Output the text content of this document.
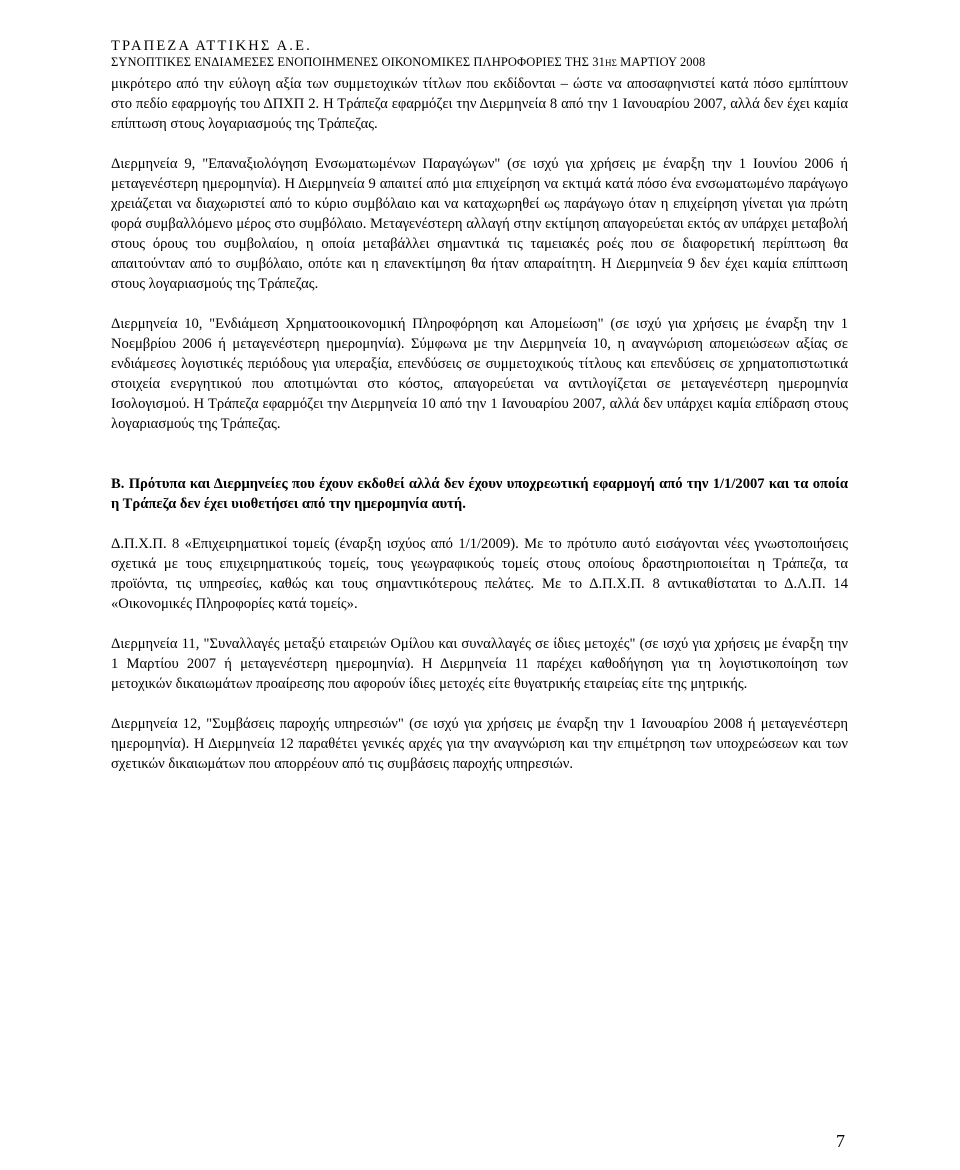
ΤΡΑΠΕΖΑ ΑΤΤΙΚΗΣ Α.Ε.
ΣΥΝΟΠΤΙΚΕΣ ΕΝΔΙΑΜΕΣΕΣ ΕΝΟΠΟΙΗΜΕΝΕΣ ΟΙΚΟΝΟΜΙΚΕΣ ΠΛΗΡΟΦΟΡΙΕΣ ΤΗΣ 31ΗΣ ΜΑΡΤΙΟΥ 2008

μικρότερο από την εύλογη αξία των συμμετοχικών τίτλων που εκδίδονται – ώστε να αποσαφηνιστεί κατά πόσο εμπίπτουν στο πεδίο εφαρμογής του ΔΠΧΠ 2. Η Τράπεζα εφαρμόζει την Διερμηνεία 8 από την 1 Ιανουαρίου 2007, αλλά δεν έχει καμία επίπτωση στους λογαριασμούς της Τράπεζας.

Διερμηνεία 9, "Επαναξιολόγηση Ενσωματωμένων Παραγώγων" (σε ισχύ για χρήσεις με έναρξη την 1 Ιουνίου 2006 ή μεταγενέστερη ημερομηνία). Η Διερμηνεία 9 απαιτεί από μια επιχείρηση να εκτιμά κατά πόσο ένα ενσωματωμένο παράγωγο χρειάζεται να διαχωριστεί από το κύριο συμβόλαιο και να καταχωρηθεί ως παράγωγο όταν η επιχείρηση γίνεται για πρώτη φορά συμβαλλόμενο μέρος στο συμβόλαιο. Μεταγενέστερη αλλαγή στην εκτίμηση απαγορεύεται εκτός αν υπάρχει μεταβολή στους όρους του συμβολαίου, η οποία μεταβάλλει σημαντικά τις ταμειακές ροές που σε διαφορετική περίπτωση θα απαιτούνταν από το συμβόλαιο, οπότε και η επανεκτίμηση θα ήταν απαραίτητη. Η Διερμηνεία 9 δεν έχει καμία επίπτωση στους λογαριασμούς της Τράπεζας.

Διερμηνεία 10, "Ενδιάμεση Χρηματοοικονομική Πληροφόρηση και Απομείωση" (σε ισχύ για χρήσεις με έναρξη την 1 Νοεμβρίου 2006 ή μεταγενέστερη ημερομηνία). Σύμφωνα με την Διερμηνεία 10, η αναγνώριση απομειώσεων αξίας σε ενδιάμεσες λογιστικές περιόδους για υπεραξία, επενδύσεις σε συμμετοχικούς τίτλους και επενδύσεις σε χρηματοπιστωτικά στοιχεία ενεργητικού που αποτιμώνται στο κόστος, απαγορεύεται να αντιλογίζεται σε μεταγενέστερη ημερομηνία Ισολογισμού. Η Τράπεζα εφαρμόζει την Διερμηνεία 10 από την 1 Ιανουαρίου 2007, αλλά δεν υπάρχει καμία επίδραση στους λογαριασμούς της Τράπεζας.

Β. Πρότυπα και Διερμηνείες που έχουν εκδοθεί αλλά δεν έχουν υποχρεωτική εφαρμογή από την 1/1/2007 και τα οποία η Τράπεζα δεν έχει υιοθετήσει από την ημερομηνία αυτή.

Δ.Π.Χ.Π. 8 «Επιχειρηματικοί τομείς (έναρξη ισχύος από 1/1/2009). Με το πρότυπο αυτό εισάγονται νέες γνωστοποιήσεις σχετικά με τους επιχειρηματικούς τομείς, τους γεωγραφικούς τομείς στους οποίους δραστηριοποιείται η Τράπεζα, τα προϊόντα, τις υπηρεσίες, καθώς και τους σημαντικότερους πελάτες. Με το Δ.Π.Χ.Π. 8 αντικαθίσταται το Δ.Λ.Π. 14 «Οικονομικές Πληροφορίες κατά τομείς».

Διερμηνεία 11, "Συναλλαγές μεταξύ εταιρειών Ομίλου και συναλλαγές σε ίδιες μετοχές" (σε ισχύ για χρήσεις με έναρξη την 1 Μαρτίου 2007 ή μεταγενέστερη ημερομηνία). Η Διερμηνεία 11 παρέχει καθοδήγηση για τη λογιστικοποίηση των μετοχικών δικαιωμάτων προαίρεσης που αφορούν ίδιες μετοχές είτε θυγατρικής εταιρείας είτε της μητρικής.

Διερμηνεία 12, "Συμβάσεις παροχής υπηρεσιών" (σε ισχύ για χρήσεις με έναρξη την 1 Ιανουαρίου 2008 ή μεταγενέστερη ημερομηνία). Η Διερμηνεία 12 παραθέτει γενικές αρχές για την αναγνώριση και την επιμέτρηση των υποχρεώσεων και των σχετικών δικαιωμάτων που απορρέουν από τις συμβάσεις παροχής υπηρεσιών.

7
